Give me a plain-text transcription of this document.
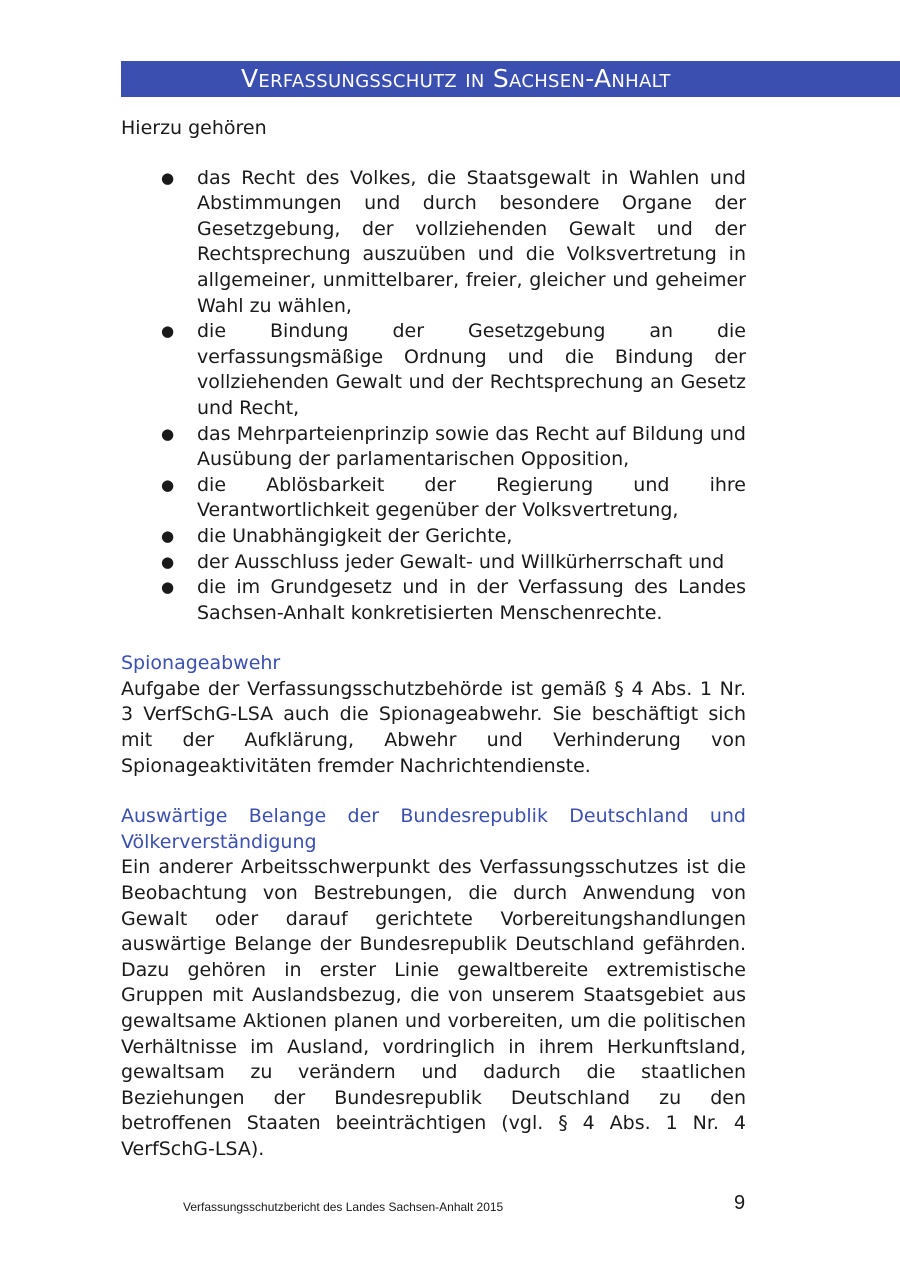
Verfassungsschutz in Sachsen-Anhalt

Hierzu gehören

● das Recht des Volkes, die Staatsgewalt in Wahlen und Abstimmungen und durch besondere Organe der Gesetzgebung, der vollziehenden Gewalt und der Rechtsprechung auszuüben und die Volksvertretung in allgemeiner, unmittelbarer, freier, gleicher und geheimer Wahl zu wählen,
● die Bindung der Gesetzgebung an die verfassungsmäßige Ordnung und die Bindung der vollziehenden Gewalt und der Rechtsprechung an Gesetz und Recht,
● das Mehrparteienprinzip sowie das Recht auf Bildung und Ausübung der parlamentarischen Opposition,
● die Ablösbarkeit der Regierung und ihre Verantwortlichkeit gegenüber der Volksvertretung,
● die Unabhängigkeit der Gerichte,
● der Ausschluss jeder Gewalt- und Willkürherrschaft und
● die im Grundgesetz und in der Verfassung des Landes Sachsen-Anhalt konkretisierten Menschenrechte.
Spionageabwehr

Aufgabe der Verfassungsschutzbehörde ist gemäß § 4 Abs. 1 Nr. 3 VerfSchG-LSA auch die Spionageabwehr. Sie beschäftigt sich mit der Aufklärung, Abwehr und Verhinderung von Spionageaktivitäten fremder Nachrichtendienste.

Auswärtige Belange der Bundesrepublik Deutschland und Völkerverständigung

Ein anderer Arbeitsschwerpunkt des Verfassungsschutzes ist die Beobachtung von Bestrebungen, die durch Anwendung von Gewalt oder darauf gerichtete Vorbereitungshandlungen auswärtige Belange der Bundesrepublik Deutschland gefährden. Dazu gehören in erster Linie gewaltbereite extremistische Gruppen mit Auslandsbezug, die von unserem Staatsgebiet aus gewaltsame Aktionen planen und vorbereiten, um die politischen Verhältnisse im Ausland, vordringlich in ihrem Herkunftsland, gewaltsam zu verändern und dadurch die staatlichen Beziehungen der Bundesrepublik Deutschland zu den betroffenen Staaten beeinträchtigen (vgl. § 4 Abs. 1 Nr. 4 VerfSchG-LSA).

Verfassungsschutzbericht des Landes Sachsen-Anhalt 2015	9
